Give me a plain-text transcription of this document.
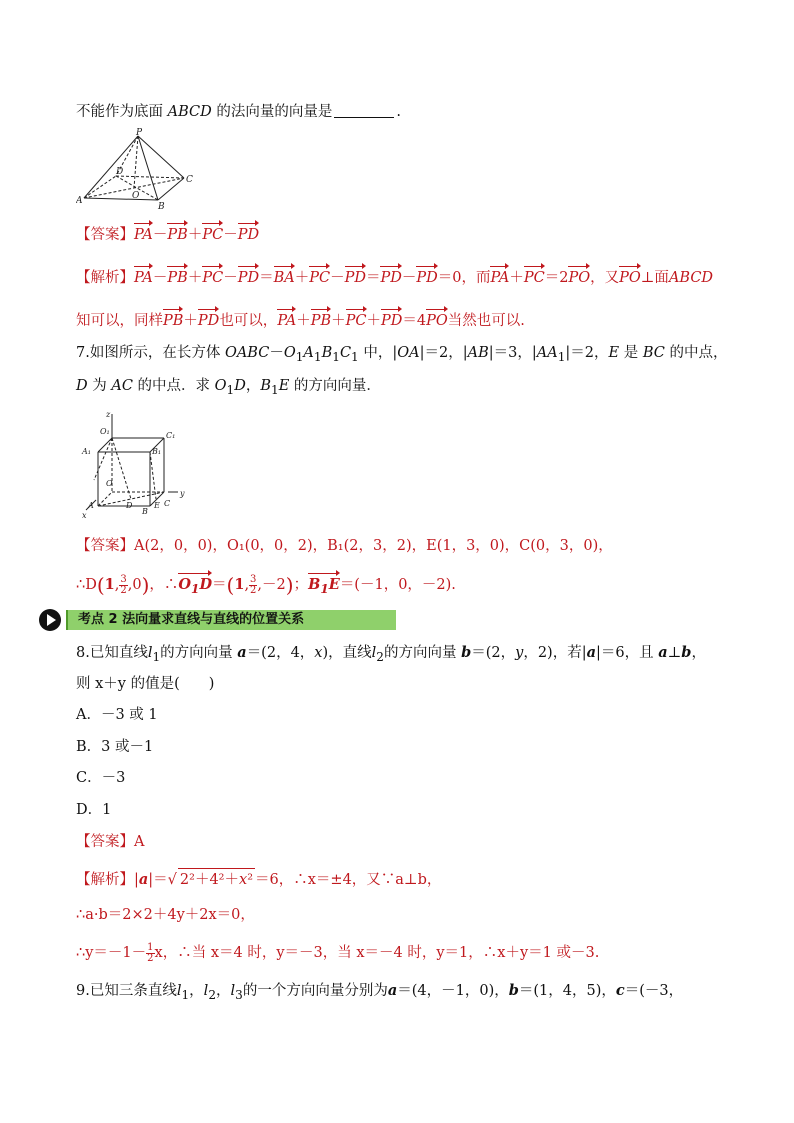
不能作为底面 ABCD 的法向量的向量是	.
P
D
C
A	O
B
【答案】PA－PB＋PC－PD
【解析】PA－PB＋PC－PD＝BA＋PC－PD＝PD－PD＝0，而PA＋PC＝2PO，又PO⊥面ABCD
知可以，同样PB＋PD也可以，PA＋PB＋PC＋PD＝4PO当然也可以.
7.如图所示，在长方体 $OABC-O_1A_1B_1C_1$ 中，|OA|＝2，|AB|＝3，$|AA_1|=2$，E 是 BC 的中点，
D 为 AC 的中点．求 $O_1D$，$B_1E$ 的方向向量．
z
O₁	C₁
A₁	B₁
O
y
A	D
B
E C
x
【答案】A(2，0，0)，O₁(0，0，2)，B₁(2，3，2)，E(1，3，0)，C(0，3，0)，
∴D(1, $\frac{3}{2} ,0$)，$\therefore O_1D=(1$, $\frac{3}{2} ,-2$)；$B_1E=(-1$，0，－2).
考点 2 法向量求直线与直线的位置关系
8.已知直线$l_1$的方向向量 a＝(2，4，x)，直线$l_2$的方向向量 b＝(2，y，2)，若|a|＝6，且 a⊥b，
则 x＋y 的值是(　　)
A．－3 或 1
B．3 或－1
C．－3
D．1
【答案】A
【解析】|a|＝√ 2²＋4²＋x² ＝6，∴x＝±4，又∵a⊥b，
∴a·b＝2×2＋4y＋2x＝0，
∴y＝－1－ $\frac{1}{2}$ x，∴当 x＝4 时，y＝－3，当 x＝－4 时，y＝1，∴x＋y＝1 或－3.
9.已知三条直线$l_1$，$l_2$，$l_3$的一个方向向量分别为a＝(4，－1，0)，b＝(1，4，5)，c＝(－3，
